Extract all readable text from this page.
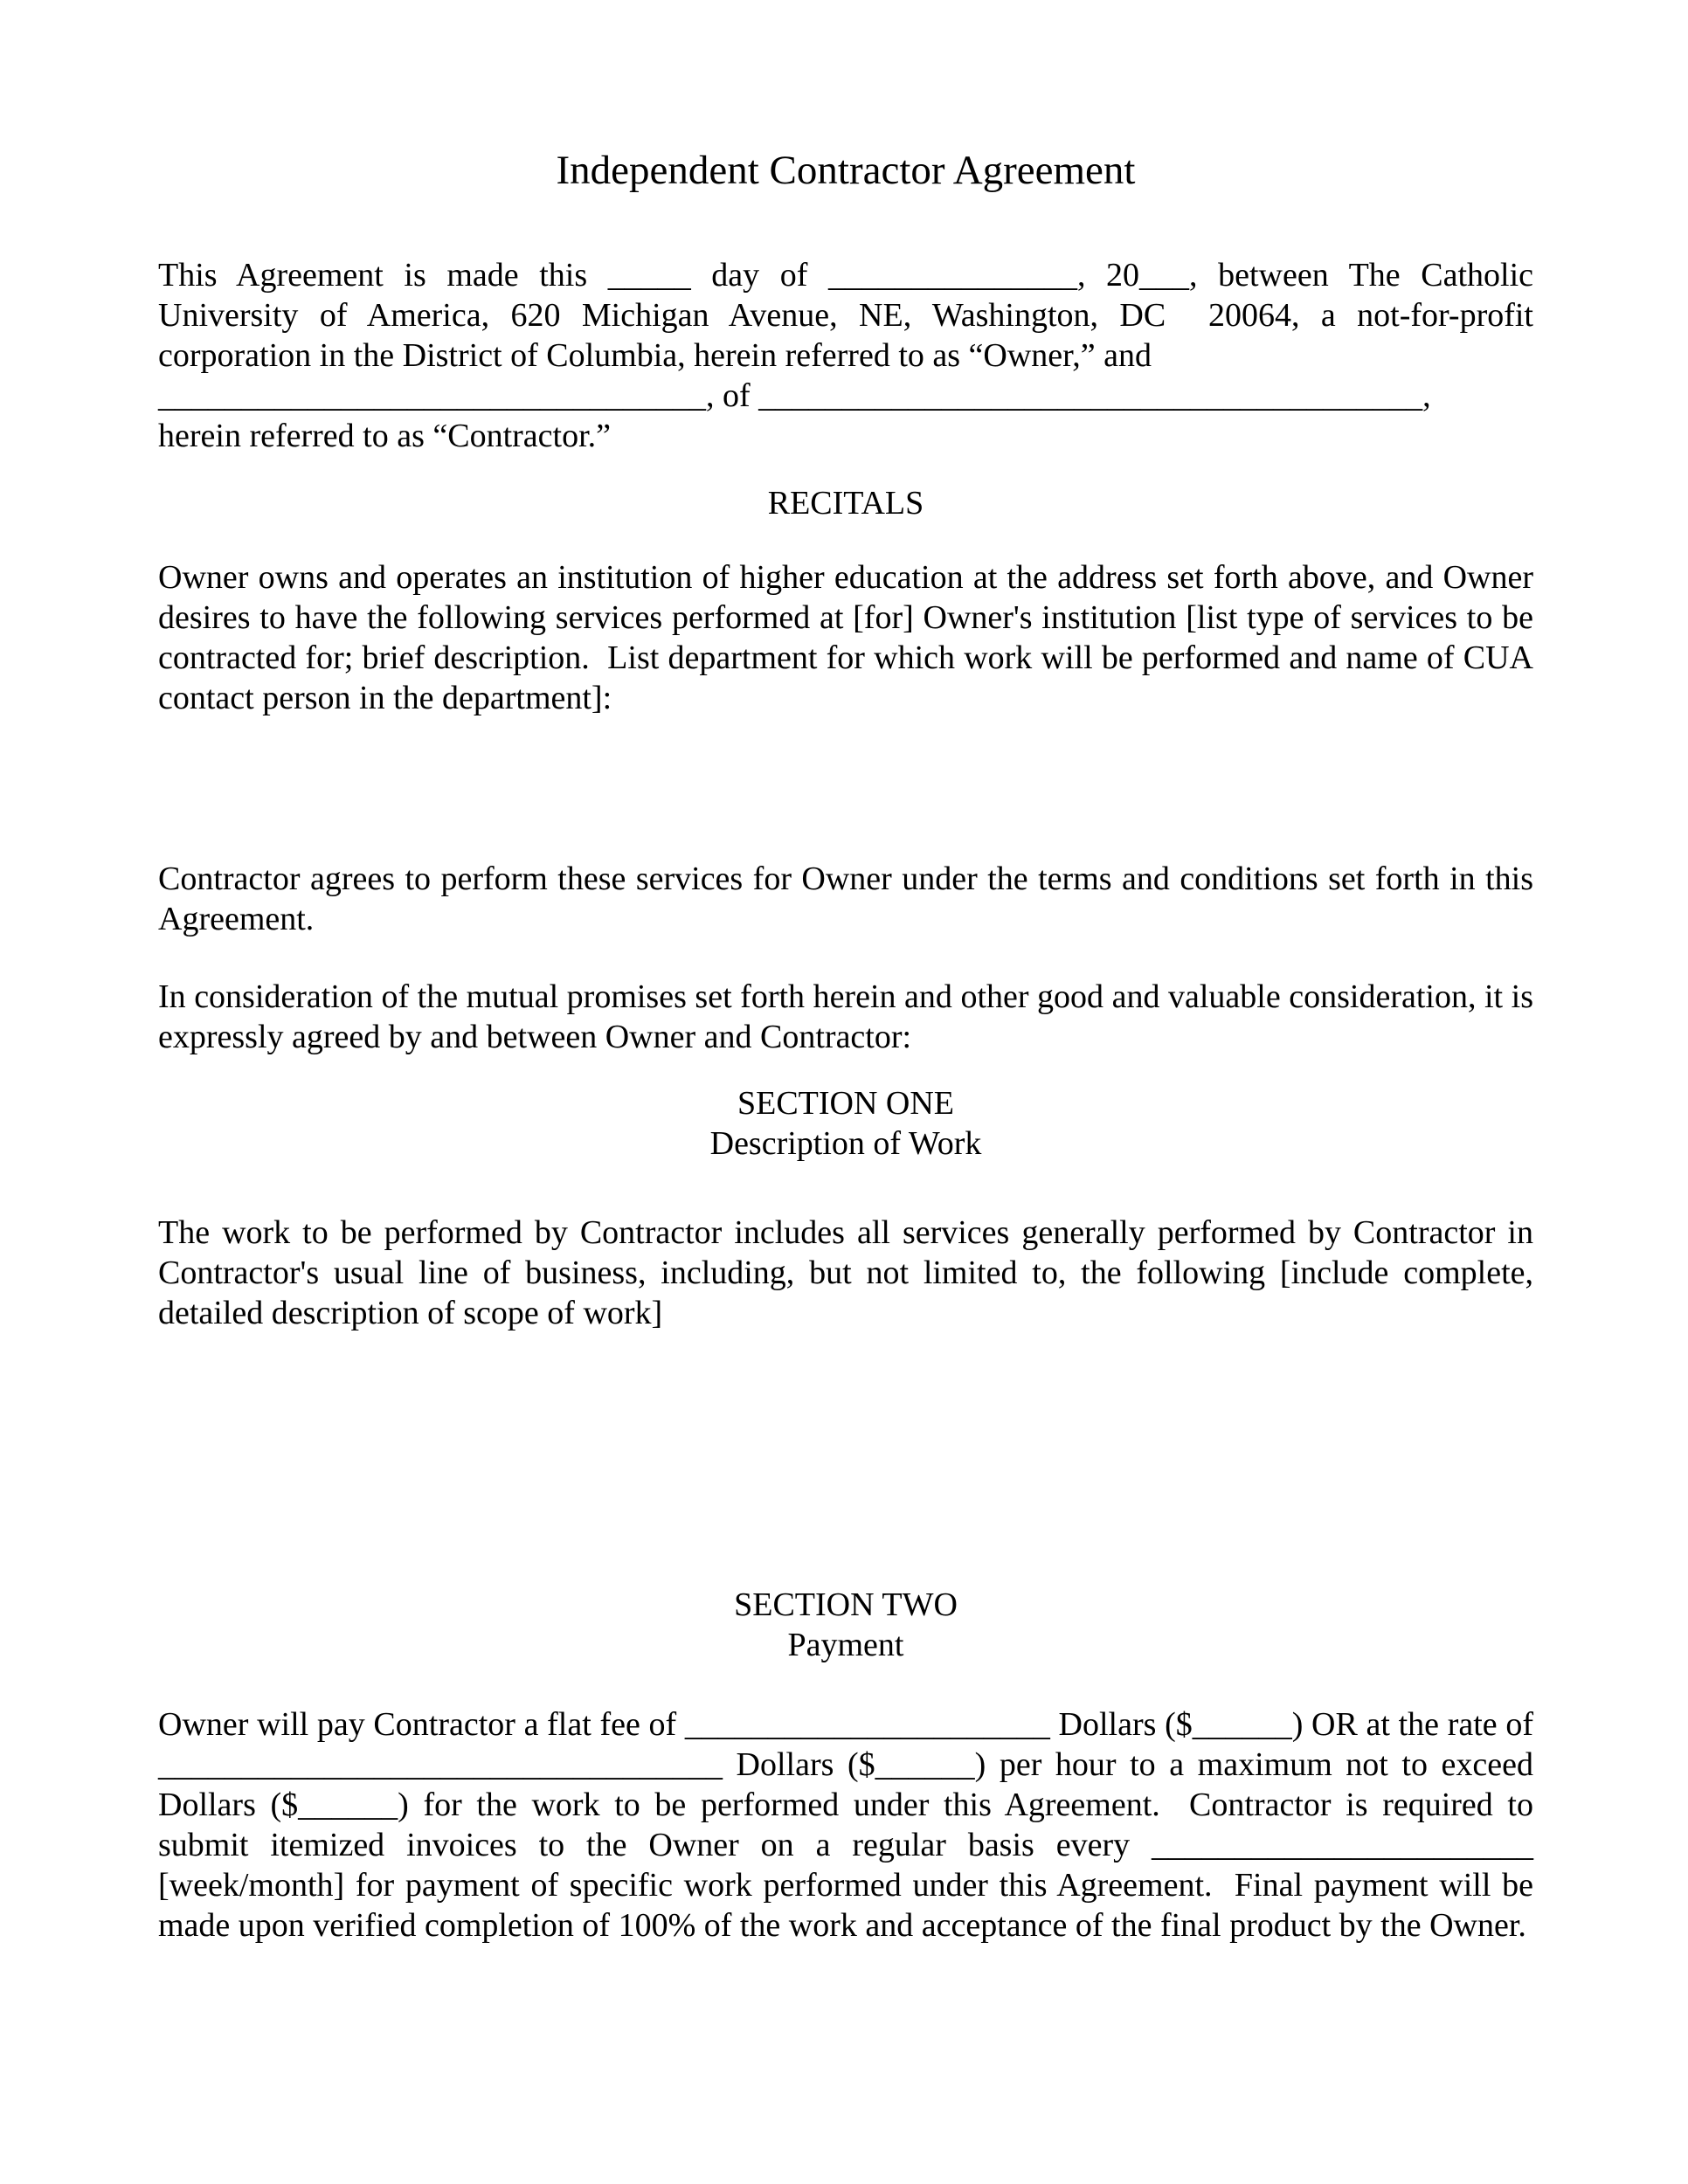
Independent Contractor Agreement
This Agreement is made this _____ day of _______________, 20___, between The Catholic University of America, 620 Michigan Avenue, NE, Washington, DC  20064, a not-for-profit corporation in the District of Columbia, herein referred to as “Owner,” and
_________________________________, of ________________________________________,
herein referred to as “Contractor.”
RECITALS

Owner owns and operates an institution of higher education at the address set forth above, and Owner desires to have the following services performed at [for] Owner's institution [list type of services to be contracted for; brief description.  List department for which work will be performed and name of CUA contact person in the department]:

Contractor agrees to perform these services for Owner under the terms and conditions set forth in this Agreement.

In consideration of the mutual promises set forth herein and other good and valuable consideration, it is expressly agreed by and between Owner and Contractor:

SECTION ONE
Description of Work

The work to be performed by Contractor includes all services generally performed by Contractor in Contractor's usual line of business, including, but not limited to, the following [include complete, detailed description of scope of work]

SECTION TWO
Payment

Owner will pay Contractor a flat fee of ______________________ Dollars ($______) OR at the rate of __________________________________ Dollars ($______) per hour to a maximum not to exceed Dollars ($______) for the work to be performed under this Agreement.  Contractor is required to submit itemized invoices to the Owner on a regular basis every _______________________ [week/month] for payment of specific work performed under this Agreement.  Final payment will be made upon verified completion of 100% of the work and acceptance of the final product by the Owner.
